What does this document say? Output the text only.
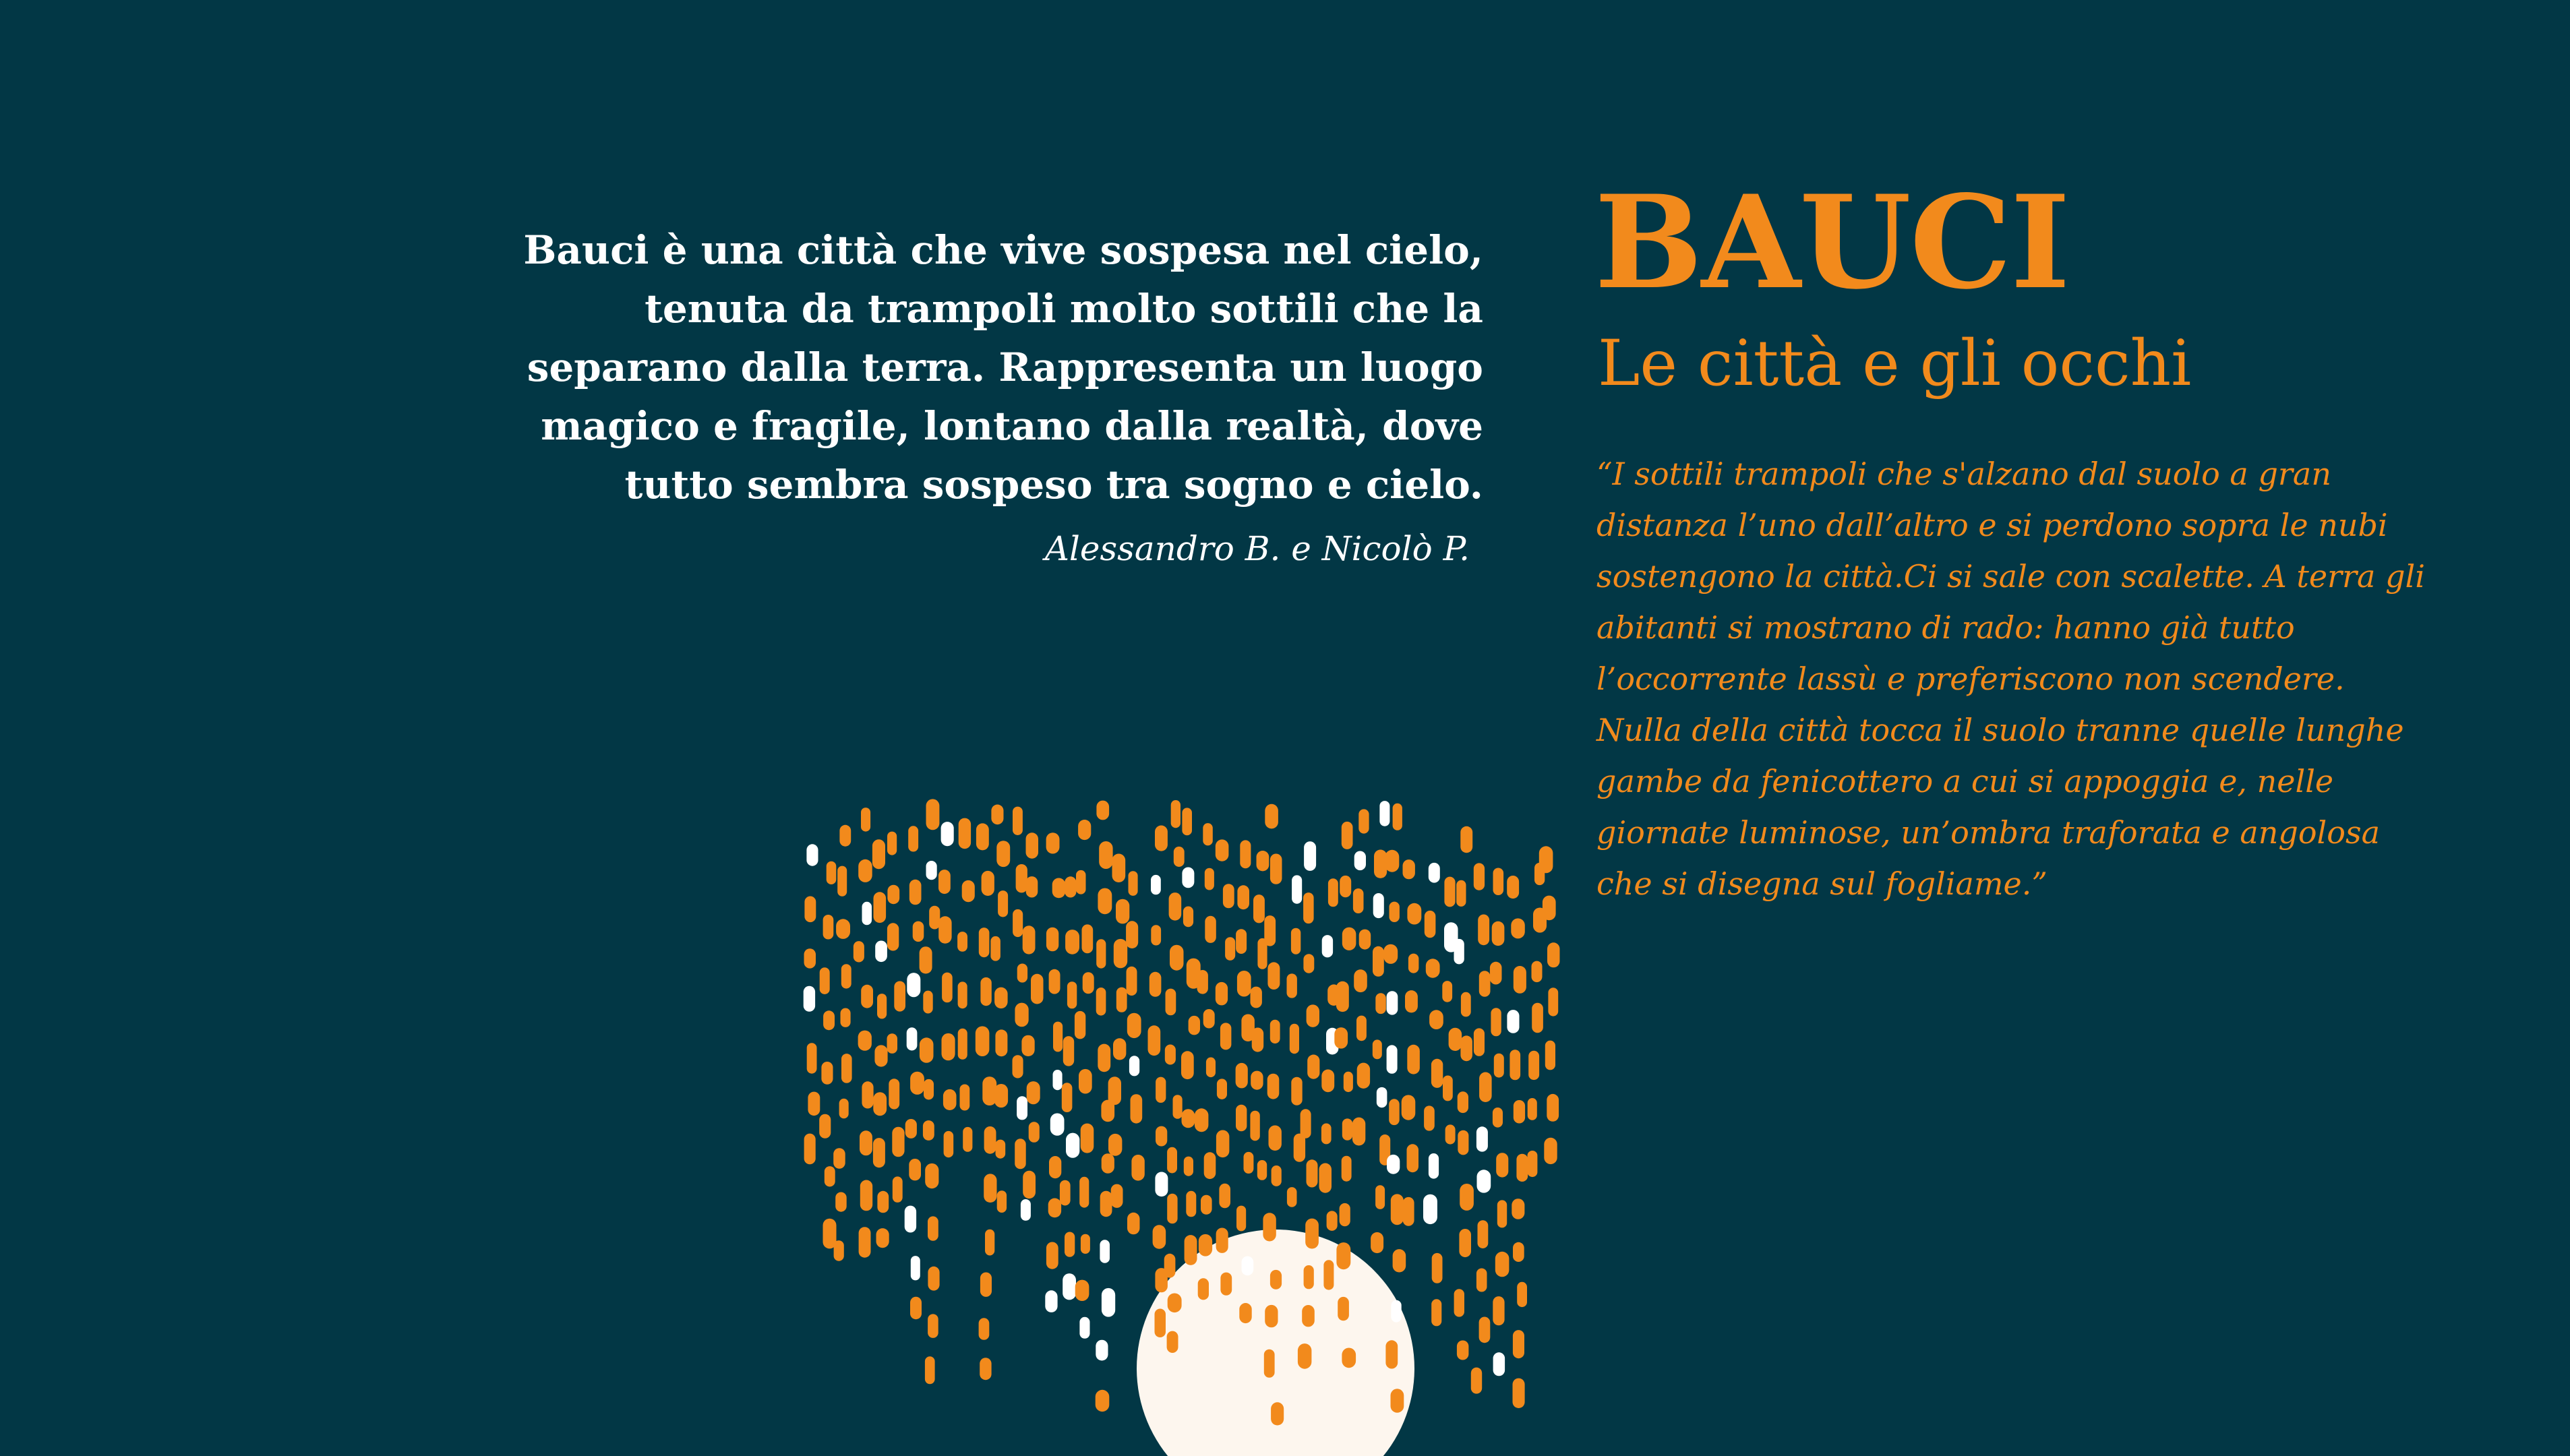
Bauci è una città che vive sospesa nel cielo, tenuta da trampoli molto sottili che la separano dalla terra. Rappresenta un luogo magico e fragile, lontano dalla realtà, dove tutto sembra sospeso tra sogno e cielo.

Alessandro B. e Nicolò P.
BAUCI
Le città e gli occhi

“I sottili trampoli che s'alzano dal suolo a gran distanza l’uno dall’altro e si perdono sopra le nubi sostengono la città.Ci si sale con scalette. A terra gli abitanti si mostrano di rado: hanno già tutto l’occorrente lassù e preferiscono non scendere. Nulla della città tocca il suolo tranne quelle lunghe gambe da fenicottero a cui si appoggia e, nelle giornate luminose, un’ombra traforata e angolosa che si disegna sul fogliame.”
